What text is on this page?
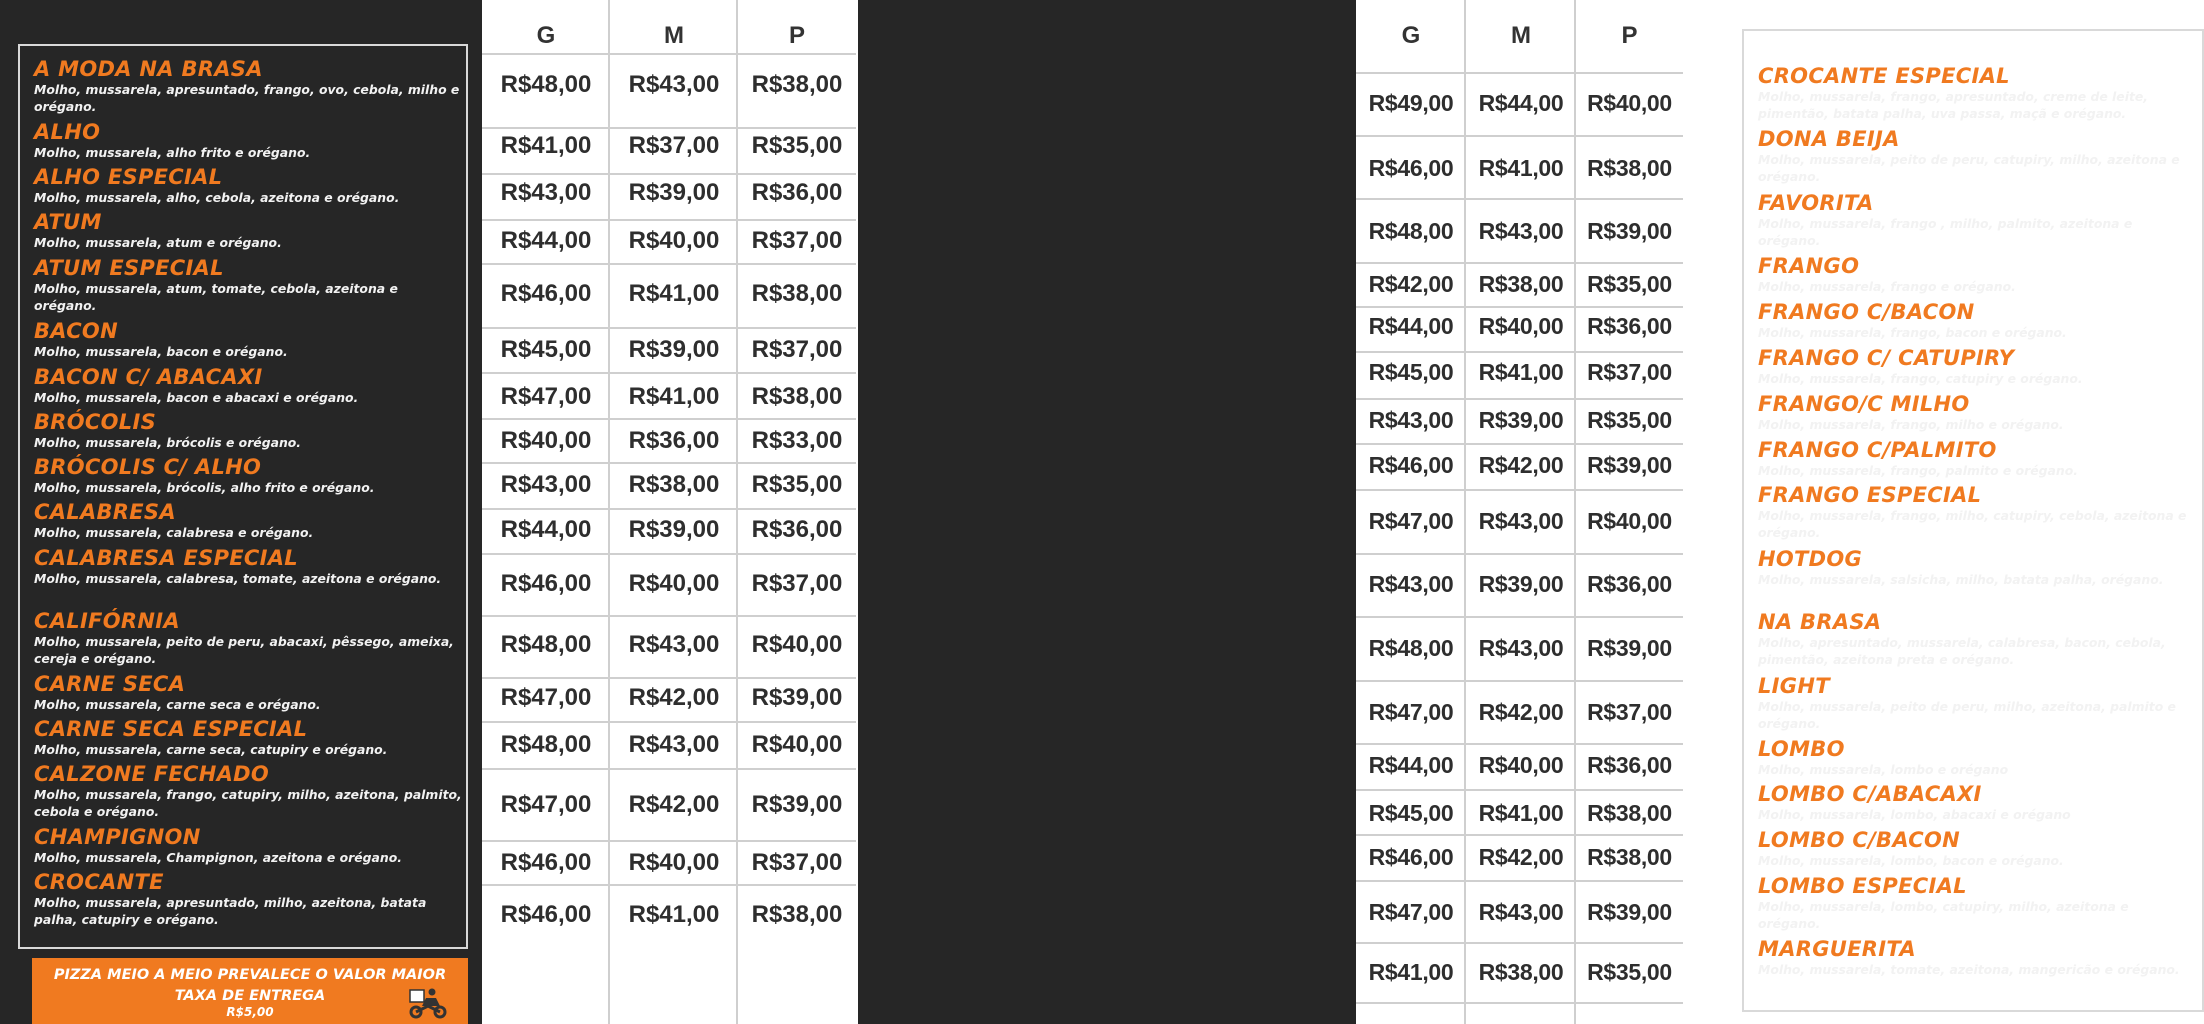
A MODA NA BRASA
Molho, mussarela, apresuntado, frango, ovo, cebola, milho e orégano.
ALHO
Molho, mussarela, alho frito e orégano.
ALHO ESPECIAL
Molho, mussarela, alho, cebola, azeitona e orégano.
ATUM
Molho, mussarela, atum e orégano.
ATUM ESPECIAL
Molho, mussarela, atum, tomate, cebola, azeitona e orégano.
BACON
Molho, mussarela, bacon e orégano.
BACON C/ ABACAXI
Molho, mussarela, bacon e abacaxi e orégano.
BRÓCOLIS
Molho, mussarela, brócolis e orégano.
BRÓCOLIS C/ ALHO
Molho, mussarela, brócolis, alho frito e orégano.
CALABRESA
Molho, mussarela, calabresa e orégano.
CALABRESA ESPECIAL
Molho, mussarela, calabresa, tomate, azeitona e orégano.
CALIFÓRNIA
Molho, mussarela, peito de peru, abacaxi, pêssego, ameixa, cereja e orégano.
CARNE SECA
Molho, mussarela, carne seca e orégano.
CARNE SECA ESPECIAL
Molho, mussarela, carne seca, catupiry e orégano.
CALZONE FECHADO
Molho, mussarela, frango, catupiry, milho, azeitona, palmito, cebola e orégano.
CHAMPIGNON
Molho, mussarela, Champignon, azeitona e orégano.
CROCANTE
Molho, mussarela, apresuntado, milho, azeitona, batata palha, catupiry e orégano.
PIZZA MEIO A MEIO PREVALECE O VALOR MAIOR
TAXA DE ENTREGA
R$5,00
G	M	P
R$48,00	R$43,00	R$38,00
R$41,00	R$37,00	R$35,00
R$43,00	R$39,00	R$36,00
R$44,00	R$40,00	R$37,00
R$46,00	R$41,00	R$38,00
R$45,00	R$39,00	R$37,00
R$47,00	R$41,00	R$38,00
R$40,00	R$36,00	R$33,00
R$43,00	R$38,00	R$35,00
R$44,00	R$39,00	R$36,00
R$46,00	R$40,00	R$37,00
R$48,00	R$43,00	R$40,00
R$47,00	R$42,00	R$39,00
R$48,00	R$43,00	R$40,00
R$47,00	R$42,00	R$39,00
R$46,00	R$40,00	R$37,00
R$46,00	R$41,00	R$38,00
CROCANTE ESPECIAL
Molho, mussarela, frango, apresuntado, creme de leite, pimentão, batata palha, uva passa, maçã e orégano.
DONA BEIJA
Molho, mussarela, peito de peru, catupiry, milho, azeitona e orégano.
FAVORITA
Molho, mussarela, frango , milho, palmito, azeitona e orégano.
FRANGO
Molho, mussarela, frango e orégano.
FRANGO C/BACON
Molho, mussarela, frango, bacon e orégano.
FRANGO C/ CATUPIRY
Molho, mussarela, frango, catupiry e orégano.
FRANGO/C MILHO
Molho, mussarela, frango, milho e orégano.
FRANGO C/PALMITO
Molho, mussarela, frango, palmito e orégano.
FRANGO ESPECIAL
Molho, mussarela, frango, milho, catupiry, cebola, azeitona e orégano.
HOTDOG
Molho, mussarela, salsicha, milho, batata palha, orégano.
NA BRASA
Molho, apresuntado, mussarela, calabresa, bacon, cebola, pimentão, azeitona preta e orégano.
LIGHT
Molho, mussarela, peito de peru, milho, azeitona, palmito e orégano.
LOMBO
Molho, mussarela, lombo e orégano
LOMBO C/ABACAXI
Molho, mussarela, lombo, abacaxi e orégano
LOMBO C/BACON
Molho, mussarela, lombo, bacon e orégano.
LOMBO ESPECIAL
Molho, mussarela, lombo, catupiry, milho, azeitona e orégano.
MARGUERITA
Molho, mussarela, tomate, azeitona, mangericão e orégano.
G	M	P
R$49,00	R$44,00	R$40,00
R$46,00	R$41,00	R$38,00
R$48,00	R$43,00	R$39,00
R$42,00	R$38,00	R$35,00
R$44,00	R$40,00	R$36,00
R$45,00	R$41,00	R$37,00
R$43,00	R$39,00	R$35,00
R$46,00	R$42,00	R$39,00
R$47,00	R$43,00	R$40,00
R$43,00	R$39,00	R$36,00
R$48,00	R$43,00	R$39,00
R$47,00	R$42,00	R$37,00
R$44,00	R$40,00	R$36,00
R$45,00	R$41,00	R$38,00
R$46,00	R$42,00	R$38,00
R$47,00	R$43,00	R$39,00
R$41,00	R$38,00	R$35,00
